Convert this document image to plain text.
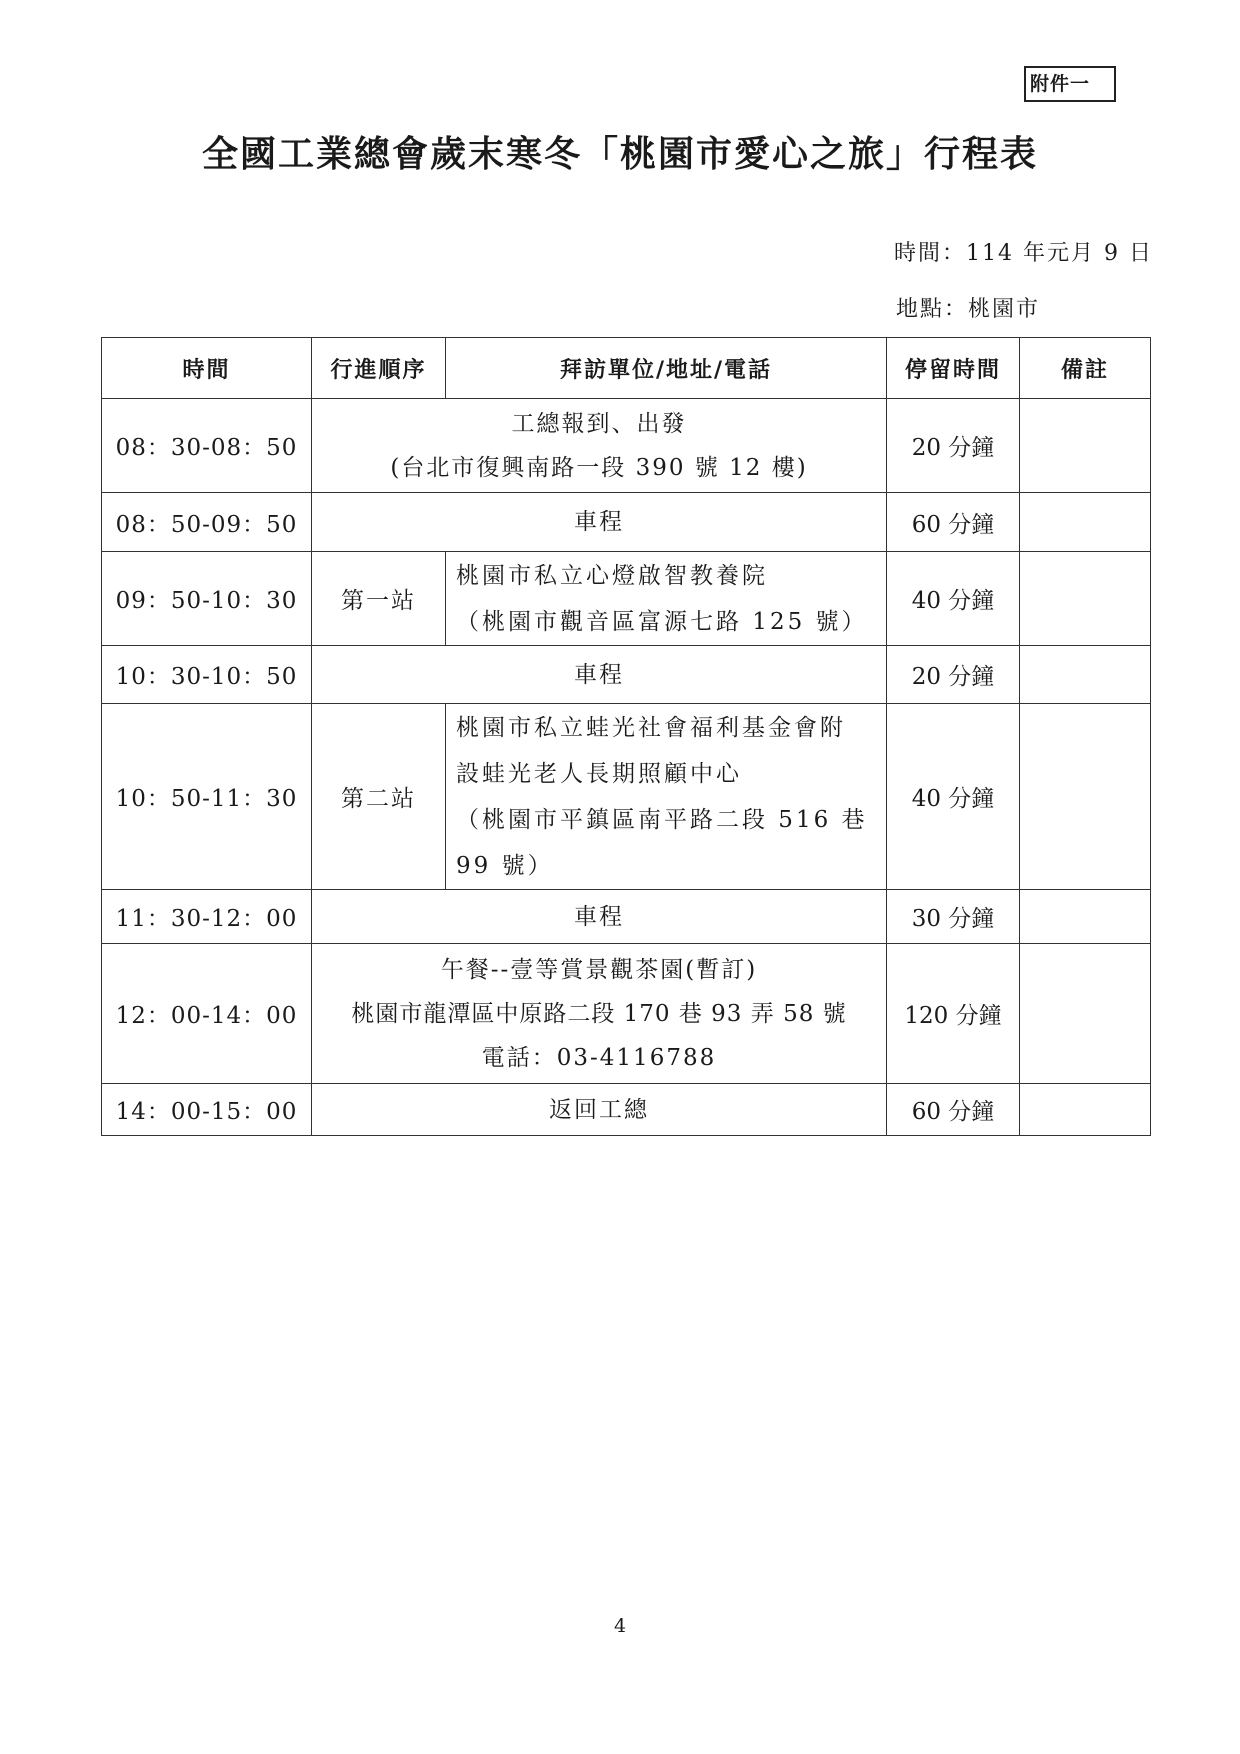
附件一
全國工業總會歲末寒冬「桃園市愛心之旅」行程表
時間：114 年元月 9 日
地點：桃園市
時間	行進順序	拜訪單位/地址/電話	停留時間	備註
08：30-08：50	工總報到、出發
(台北市復興南路一段 390 號 12 樓)		20 分鐘	
08：50-09：50	車程		60 分鐘	
09：50-10：30	第一站	桃園市私立心燈啟智教養院
（桃園市觀音區富源七路 125 號）	40 分鐘	
10：30-10：50	車程		20 分鐘	
10：50-11：30	第二站	桃園市私立蛙光社會福利基金會附
設蛙光老人長期照顧中心
（桃園市平鎮區南平路二段 516 巷
99 號）	40 分鐘	
11：30-12：00	車程		30 分鐘	
12：00-14：00	午餐--壹等賞景觀茶園(暫訂)
桃園市龍潭區中原路二段 170 巷 93 弄 58 號
電話：03-4116788		120 分鐘	
14：00-15：00	返回工總		60 分鐘	
4
